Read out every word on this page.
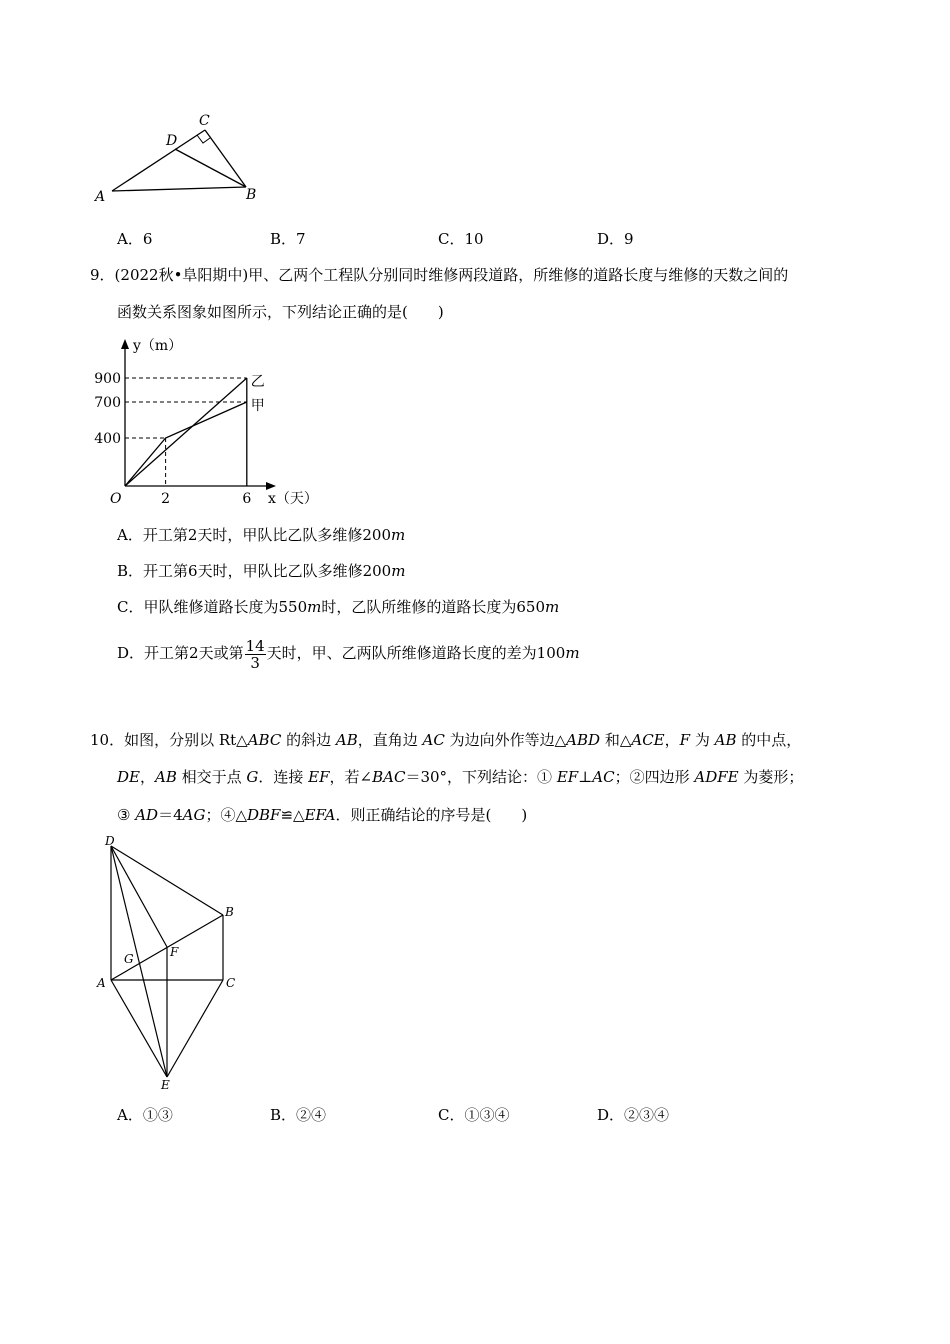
A	B
C
D
A．6	B．7	C．10	D．9
9．(2022秋•阜阳期中)甲、乙两个工程队分别同时维修两段道路，所维修的道路长度与维修的天数之间的
函数关系图象如图所示，下列结论正确的是(　　)
甲
乙
400
700
900
2	6
O
y（m）
x（天）
A．开工第2天时，甲队比乙队多维修200m
B．开工第6天时，甲队比乙队多维修200m
C．甲队维修道路长度为550m时，乙队所维修的道路长度为650m
D．开工第2天或第 $\frac{14}{3}$ 天时，甲、乙两队所维修道路长度的差为100m
10．如图，分别以 Rt△ABC 的斜边 AB，直角边 AC 为边向外作等边△ABD 和△ACE，F 为 AB 的中点，
DE，AB 相交于点 G．连接 EF，若∠BAC＝30°，下列结论：① EF⊥AC；②四边形 ADFE 为菱形；
③ AD＝4AG；④△DBF≌△EFA．则正确结论的序号是(　　)
D
B
F
G
A	C
E
A．①③	B．②④	C．①③④	D．②③④
